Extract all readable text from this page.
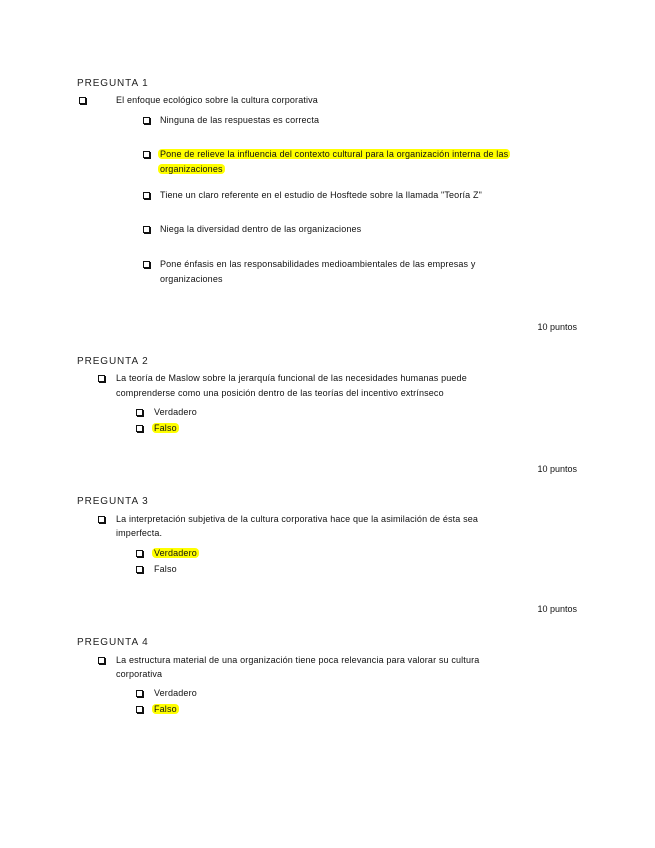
PREGUNTA 1
El enfoque ecológico sobre la cultura corporativa
Ninguna de las respuestas es correcta
Pone de relieve la influencia del contexto cultural para la organización interna de las
organizaciones
Tiene un claro referente en el estudio de Hosftede sobre la llamada "Teoría Z"
Niega la diversidad dentro de las organizaciones
Pone énfasis en las responsabilidades medioambientales de las empresas y
organizaciones
10 puntos
PREGUNTA 2
La teoría de Maslow sobre la jerarquía funcional de las necesidades humanas puede
comprenderse como una posición dentro de las teorías del incentivo extrínseco
Verdadero
Falso
10 puntos
PREGUNTA 3
La interpretación subjetiva de la cultura corporativa hace que la asimilación de ésta sea
imperfecta.
Verdadero
Falso
10 puntos
PREGUNTA 4
La estructura material de una organización tiene poca relevancia para valorar su cultura
corporativa
Verdadero
Falso
